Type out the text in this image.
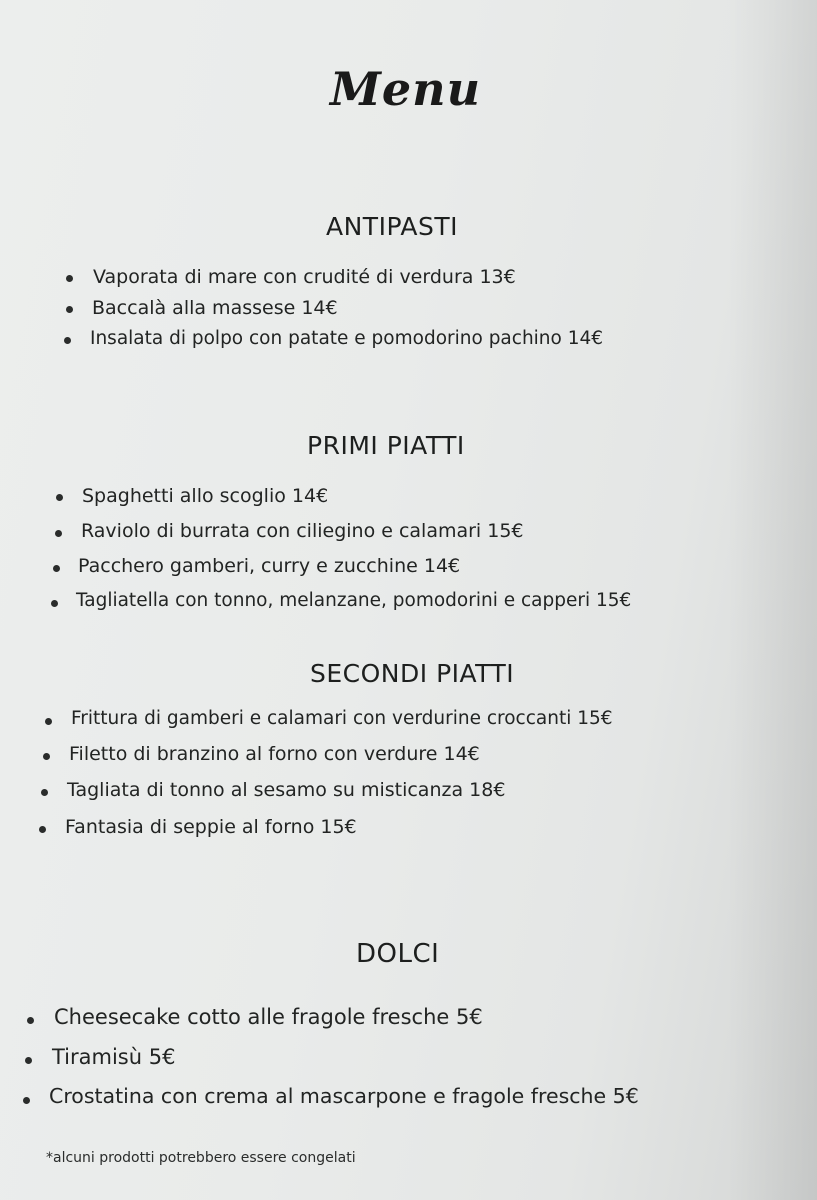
Menu
ANTIPASTI
Vaporata di mare con crudité di verdura 13€
Baccalà alla massese 14€
Insalata di polpo con patate e pomodorino pachino 14€
PRIMI PIATTI
Spaghetti allo scoglio 14€
Raviolo di burrata con ciliegino e calamari 15€
Pacchero gamberi, curry e zucchine 14€
Tagliatella con tonno, melanzane, pomodorini e capperi 15€
SECONDI PIATTI
Frittura di gamberi e calamari con verdurine croccanti 15€
Filetto di branzino al forno con verdure 14€
Tagliata di tonno al sesamo su misticanza 18€
Fantasia di seppie al forno 15€
DOLCI
Cheesecake cotto alle fragole fresche 5€
Tiramisù 5€
Crostatina con crema al mascarpone e fragole fresche 5€
*alcuni prodotti potrebbero essere congelati
